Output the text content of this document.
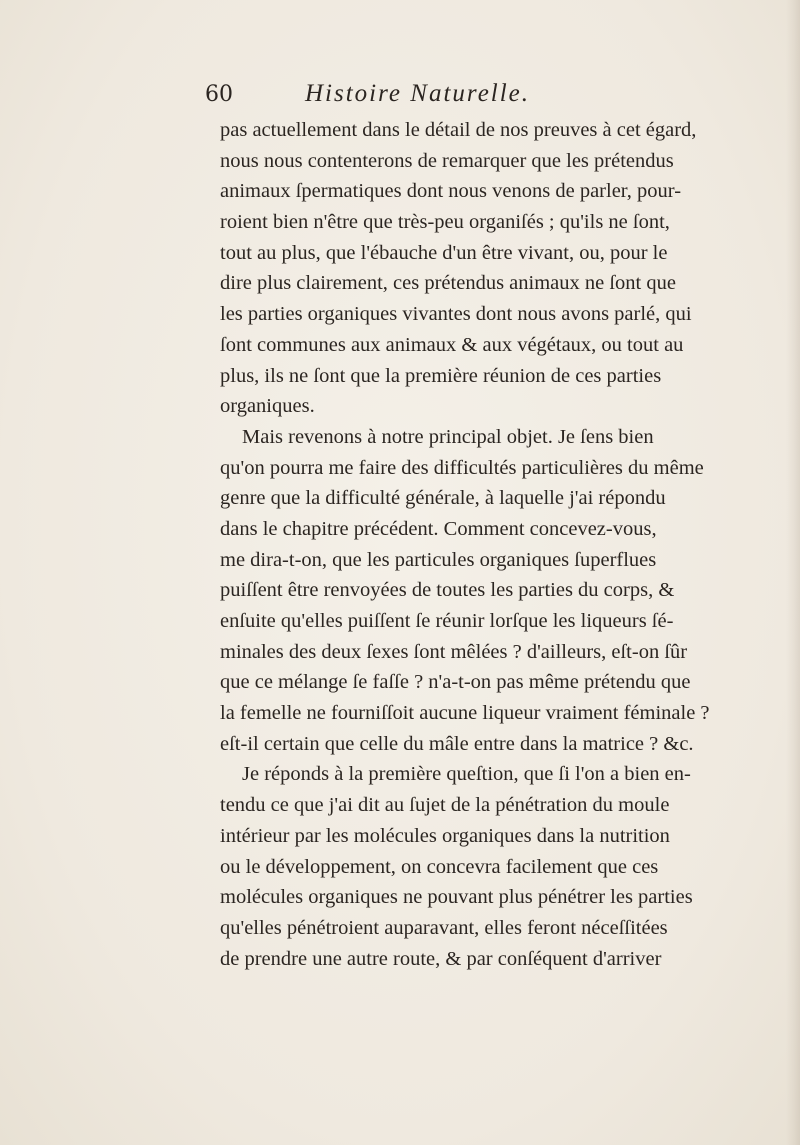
60	Histoire Naturelle.
pas actuellement dans le détail de nos preuves à cet égard,
nous nous contenterons de remarquer que les prétendus
animaux ſpermatiques dont nous venons de parler, pour-
roient bien n'être que très-peu organiſés ; qu'ils ne ſont,
tout au plus, que l'ébauche d'un être vivant, ou, pour le
dire plus clairement, ces prétendus animaux ne ſont que
les parties organiques vivantes dont nous avons parlé, qui
ſont communes aux animaux & aux végétaux, ou tout au
plus, ils ne ſont que la première réunion de ces parties
organiques.
Mais revenons à notre principal objet. Je ſens bien
qu'on pourra me faire des difficultés particulières du même
genre que la difficulté générale, à laquelle j'ai répondu
dans le chapitre précédent. Comment concevez-vous,
me dira-t-on, que les particules organiques ſuperflues
puiſſent être renvoyées de toutes les parties du corps, &
enſuite qu'elles puiſſent ſe réunir lorſque les liqueurs ſé-
minales des deux ſexes ſont mêlées ? d'ailleurs, eſt-on ſûr
que ce mélange ſe faſſe ? n'a-t-on pas même prétendu que
la femelle ne fourniſſoit aucune liqueur vraiment féminale ?
eſt-il certain que celle du mâle entre dans la matrice ? &c.
Je réponds à la première queſtion, que ſi l'on a bien en-
tendu ce que j'ai dit au ſujet de la pénétration du moule
intérieur par les molécules organiques dans la nutrition
ou le développement, on concevra facilement que ces
molécules organiques ne pouvant plus pénétrer les parties
qu'elles pénétroient auparavant, elles feront néceſſitées
de prendre une autre route, & par conſéquent d'arriver
